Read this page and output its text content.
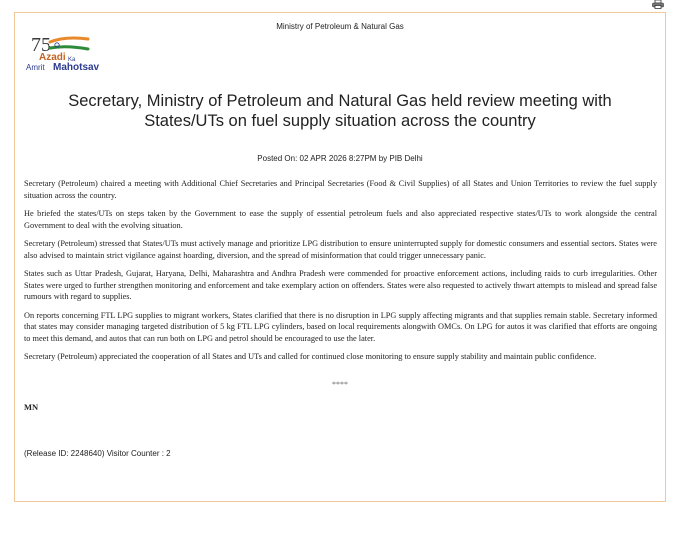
Ministry of Petroleum & Natural Gas
75
Azadi Ka
Amrit Mahotsav
Secretary, Ministry of Petroleum and Natural Gas held review meeting with States/UTs on fuel supply situation across the country
Posted On: 02 APR 2026 8:27PM by PIB Delhi

Secretary (Petroleum) chaired a meeting with Additional Chief Secretaries and Principal Secretaries (Food & Civil Supplies) of all States and Union Territories to review the fuel supply situation across the country.

He briefed the states/UTs on steps taken by the Government to ease the supply of essential petroleum fuels and also appreciated respective states/UTs to work alongside the central Government to deal with the evolving situation.

Secretary (Petroleum) stressed that States/UTs must actively manage and prioritize LPG distribution to ensure uninterrupted supply for domestic consumers and essential sectors. States were also advised to maintain strict vigilance against hoarding, diversion, and the spread of misinformation that could trigger unnecessary panic.

States such as Uttar Pradesh, Gujarat, Haryana, Delhi, Maharashtra and Andhra Pradesh were commended for proactive enforcement actions, including raids to curb irregularities. Other States were urged to further strengthen monitoring and enforcement and take exemplary action on offenders. States were also requested to actively thwart attempts to mislead and spread false rumours with regard to supplies.

On reports concerning FTL LPG supplies to migrant workers, States clarified that there is no disruption in LPG supply affecting migrants and that supplies remain stable. Secretary informed that states may consider managing targeted distribution of 5 kg FTL LPG cylinders, based on local requirements alongwith OMCs. On LPG for autos it was clarified that efforts are ongoing to meet this demand, and autos that can run both on LPG and petrol should be encouraged to use the later.

Secretary (Petroleum) appreciated the cooperation of all States and UTs and called for continued close monitoring to ensure supply stability and maintain public confidence.

****
MN
(Release ID: 2248640) Visitor Counter : 2
